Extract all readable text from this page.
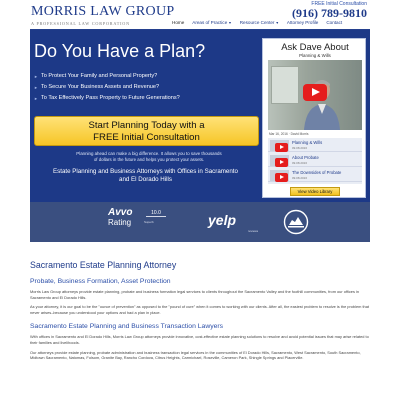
MORRIS LAW GROUP
A PROFESSIONAL LAW CORPORATION
FREE Initial Consultation
(916) 789-9810
Home Areas of Practice ▼ Resource Center ▼ Attorney Profile Contact
Do You Have a Plan?
► To Protect Your Family and Personal Property?
► To Secure Your Business Assets and Revenue?
► To Tax Effectively Pass Property to Future Generations?
Start Planning Today with a
FREE Initial Consultation
Planning ahead can make a big difference. It allows you to save thousands of dollars in the future and helps you protect your assets.
Estate Planning and Business Attorneys with Offices in Sacramento and El Dorado Hills
Ask Dave About
Planning & Wills
Mar 16, 2016 · David Morris
Planning & Wills
09.08.2016
About Probate
09.08.2016
The Downsides of Probate
09.08.2016
View Video Library
Avvo
Rating
10.0
Superb	yelp
reviews
Sacramento Estate Planning Attorney
Probate, Business Formation, Asset Protection
Morris Law Group attorneys provide estate planning, probate and business formation legal services to clients throughout the Sacramento Valley and the foothill communities, from our offices in Sacramento and El Dorado Hills.
As your attorney, it is our goal to be the "ounce of prevention" as opposed to the "pound of cure" when it comes to working with our clients. After all, the easiest problem to resolve is the problem that never arises–because you understood your options and had a plan in place.
Sacramento Estate Planning and Business Transaction Lawyers
With offices in Sacramento and El Dorado Hills, Morris Law Group attorneys provide innovative, cost-effective estate planning solutions to resolve and avoid potential issues that may arise related to their families and livelihoods.
Our attorneys provide estate planning, probate administration and business transaction legal services in the communities of El Dorado Hills, Sacramento, West Sacramento, South Sacramento, Midtown Sacramento, Natomas, Folsom, Granite Bay, Rancho Cordova, Citrus Heights, Carmichael, Roseville, Cameron Park, Shingle Springs and Placerville.
